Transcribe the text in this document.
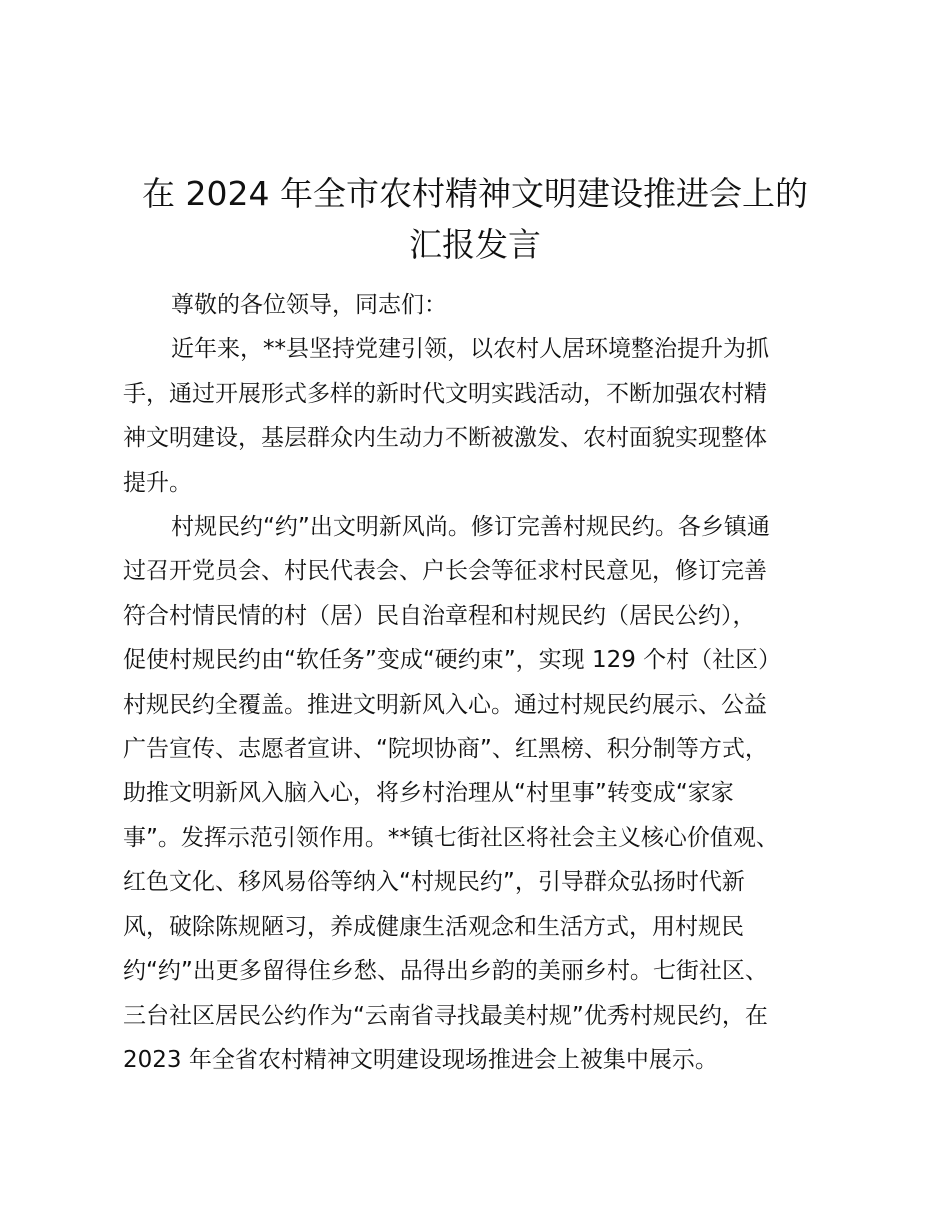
在 2024 年全市农村精神文明建设推进会上的
汇报发言

尊敬的各位领导，同志们：

近年来，**县坚持党建引领，以农村人居环境整治提升为抓
手，通过开展形式多样的新时代文明实践活动，不断加强农村精
神文明建设，基层群众内生动力不断被激发、农村面貌实现整体
提升。

村规民约“约”出文明新风尚。修订完善村规民约。各乡镇通
过召开党员会、村民代表会、户长会等征求村民意见，修订完善
符合村情民情的村（居）民自治章程和村规民约（居民公约），
促使村规民约由“软任务”变成“硬约束”，实现 129 个村（社区）
村规民约全覆盖。推进文明新风入心。通过村规民约展示、公益
广告宣传、志愿者宣讲、“院坝协商”、红黑榜、积分制等方式，
助推文明新风入脑入心，将乡村治理从“村里事”转变成“家家
事”。发挥示范引领作用。**镇七街社区将社会主义核心价值观、
红色文化、移风易俗等纳入“村规民约”，引导群众弘扬时代新
风，破除陈规陋习，养成健康生活观念和生活方式，用村规民
约“约”出更多留得住乡愁、品得出乡韵的美丽乡村。七街社区、
三台社区居民公约作为“云南省寻找最美村规”优秀村规民约，在
2023 年全省农村精神文明建设现场推进会上被集中展示。
